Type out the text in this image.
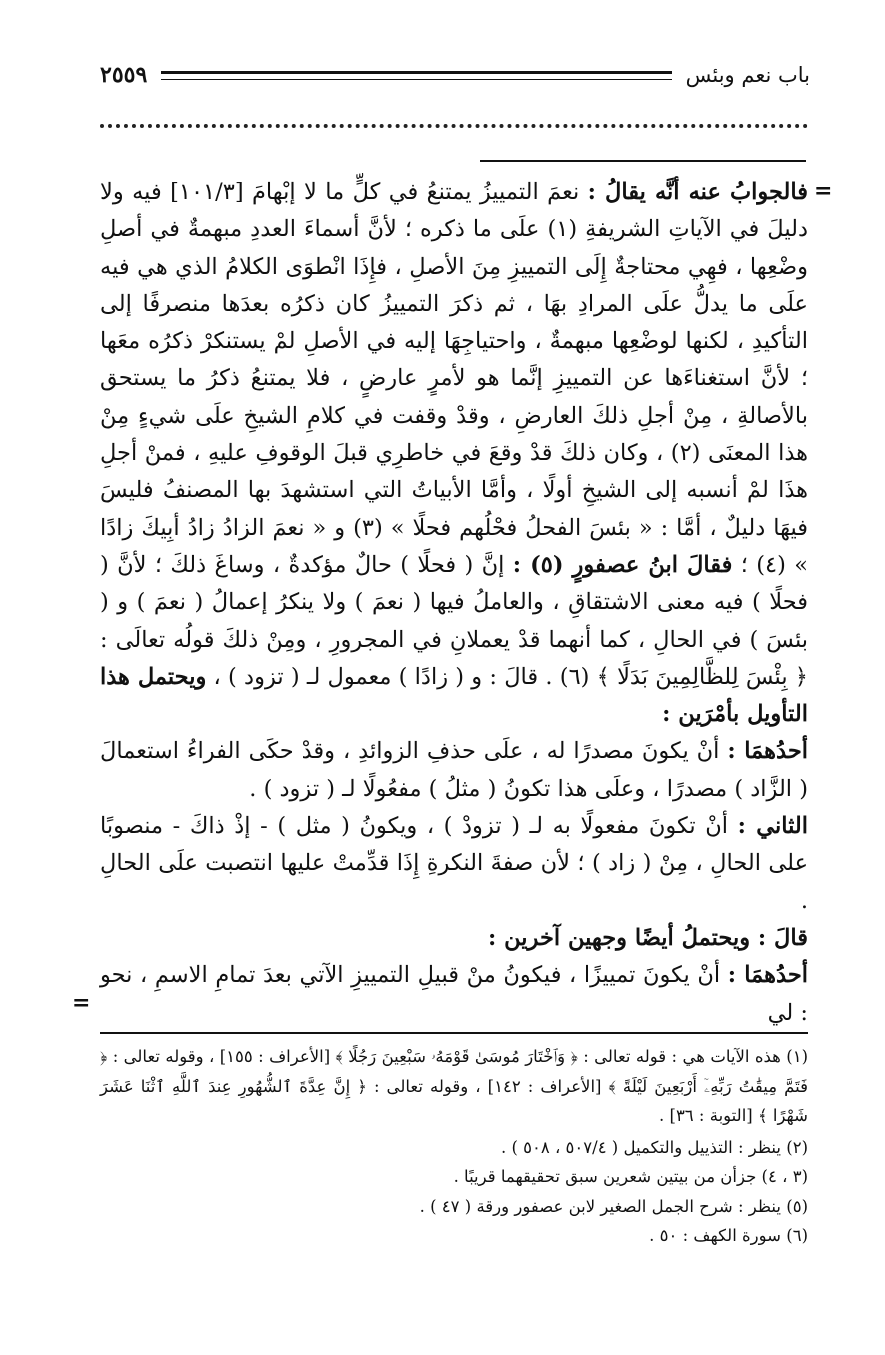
باب نعم وبئس
٢٥٥٩
=
=

فالجوابُ عنه أنَّه يقالُ : نعمَ التمييزُ يمتنعُ في كلٍّ ما لا إبْهامَ [١٠١/٣] فيه ولا دليلَ في الآياتِ الشريفةِ (١) علَى ما ذكره ؛ لأنَّ أسماءَ العددِ مبهمةٌ في أصلِ وضْعِها ، فهِي محتاجةٌ إِلَى التمييزِ مِنَ الأصلِ ، فإِذَا انْطوَى الكلامُ الذي هي فيه علَى ما يدلُّ علَى المرادِ بهَا ، ثم ذكرَ التمييزُ كان ذكرُه بعدَها منصرفًا إلى التأكيدِ ، لكنها لوضْعِها مبهمةٌ ، واحتياجِهَا إليه في الأصلِ لمْ يستنكرْ ذكرُه معَها ؛ لأنَّ استغناءَها عن التمييزِ إنَّما هو لأمرٍ عارضٍ ، فلا يمتنعُ ذكرُ ما يستحق بالأصالةِ ، مِنْ أجلِ ذلكَ العارضِ ، وقدْ وقفت في كلامِ الشيخِ علَى شيءٍ مِنْ هذا المعنَى (٢) ، وكان ذلكَ قدْ وقعَ في خاطرِي قبلَ الوقوفِ عليهِ ، فمنْ أجلِ هذَا لمْ أنسبه إلى الشيخِ أولًا ، وأمَّا الأبياتُ التي استشهدَ بها المصنفُ فليسَ فيهَا دليلٌ ، أمَّا : « بئسَ الفحلُ فحْلُهم فحلًا » (٣) و « نعمَ الزادُ زادُ أبِيكَ زادًا » (٤) ؛ فقالَ ابنُ عصفورٍ (٥) : إنَّ ( فحلًا ) حالٌ مؤكدةٌ ، وساغَ ذلكَ ؛ لأنَّ ( فحلًا ) فيه معنى الاشتقاقِ ، والعاملُ فيها ( نعمَ ) ولا ينكرُ إعمالُ ( نعمَ ) و ( بئسَ ) في الحالِ ، كما أنهما قدْ يعملانِ في المجرورِ ، ومِنْ ذلكَ قولُه تعالَى : ﴿ بِئْسَ لِلظَّالِمِينَ بَدَلًا ﴾ (٦) . قالَ : و ( زادًا ) معمول لـ ( تزود ) ، ويحتمل هذا التأويل بأمْرَين :

أحدُهمَا : أنْ يكونَ مصدرًا له ، علَى حذفِ الزوائدِ ، وقدْ حكَى الفراءُ استعمالَ ( الزَّاد ) مصدرًا ، وعلَى هذا تكونُ ( مثلُ ) مفعُولًا لـ ( تزود ) .

الثاني : أنْ تكونَ مفعولًا به لـ ( تزودْ ) ، ويكونُ ( مثل ) - إذْ ذاكَ - منصوبًا على الحالِ ، مِنْ ( زاد ) ؛ لأن صفةَ النكرةِ إِذَا قدِّمتْ عليها انتصبت علَى الحالِ .

قالَ : ويحتملُ أيضًا وجهين آخرين :

أحدُهمَا : أنْ يكونَ تمييزًا ، فيكونُ منْ قبيلِ التمييزِ الآتي بعدَ تمامِ الاسمِ ، نحو : لي

(١) هذه الآيات هي : قوله تعالى : ﴿ وَٱخْتَارَ مُوسَىٰ قَوْمَهُۥ سَبْعِينَ رَجُلًا ﴾ [الأعراف : ١٥٥] ، وقوله تعالى : ﴿ فَتَمَّ مِيقَٰتُ رَبِّهِۦٓ أَرْبَعِينَ لَيْلَةً ﴾ [الأعراف : ١٤٢] ، وقوله تعالى : ﴿ إِنَّ عِدَّةَ ٱلشُّهُورِ عِندَ ٱللَّهِ ٱثْنَا عَشَرَ شَهْرًا ﴾ [التوبة : ٣٦] .

(٢) ينظر : التذييل والتكميل ( ٥٠٧/٤ ، ٥٠٨ ) .

(٣ ، ٤) جزأن من بيتين شعرين سبق تحقيقهما قريبًا .

(٥) ينظر : شرح الجمل الصغير لابن عصفور ورقة ( ٤٧ ) .

(٦) سورة الكهف : ٥٠ .
